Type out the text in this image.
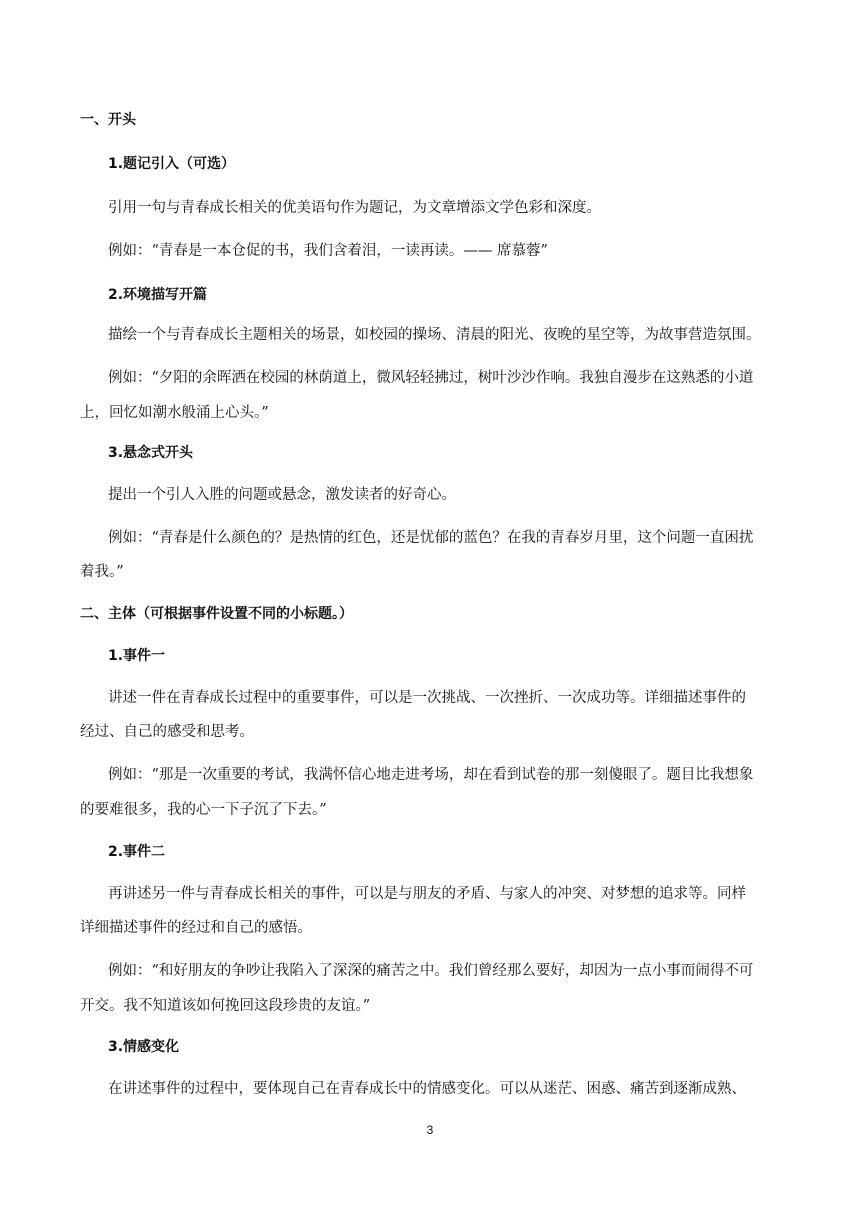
一、开头
1.题记引入（可选）
引用一句与青春成长相关的优美语句作为题记，为文章增添文学色彩和深度。
例如：“青春是一本仓促的书，我们含着泪，一读再读。—— 席慕蓉”
2.环境描写开篇
描绘一个与青春成长主题相关的场景，如校园的操场、清晨的阳光、夜晚的星空等，为故事营造氛围。
例如：“夕阳的余晖洒在校园的林荫道上，微风轻轻拂过，树叶沙沙作响。我独自漫步在这熟悉的小道
上，回忆如潮水般涌上心头。”
3.悬念式开头
提出一个引人入胜的问题或悬念，激发读者的好奇心。
例如：“青春是什么颜色的？是热情的红色，还是忧郁的蓝色？在我的青春岁月里，这个问题一直困扰
着我。”
二、主体（可根据事件设置不同的小标题。）
1.事件一
讲述一件在青春成长过程中的重要事件，可以是一次挑战、一次挫折、一次成功等。详细描述事件的
经过、自己的感受和思考。
例如：“那是一次重要的考试，我满怀信心地走进考场，却在看到试卷的那一刻傻眼了。题目比我想象
的要难很多，我的心一下子沉了下去。”
2.事件二
再讲述另一件与青春成长相关的事件，可以是与朋友的矛盾、与家人的冲突、对梦想的追求等。同样
详细描述事件的经过和自己的感悟。
例如：“和好朋友的争吵让我陷入了深深的痛苦之中。我们曾经那么要好，却因为一点小事而闹得不可
开交。我不知道该如何挽回这段珍贵的友谊。”
3.情感变化
在讲述事件的过程中，要体现自己在青春成长中的情感变化。可以从迷茫、困惑、痛苦到逐渐成熟、
3
